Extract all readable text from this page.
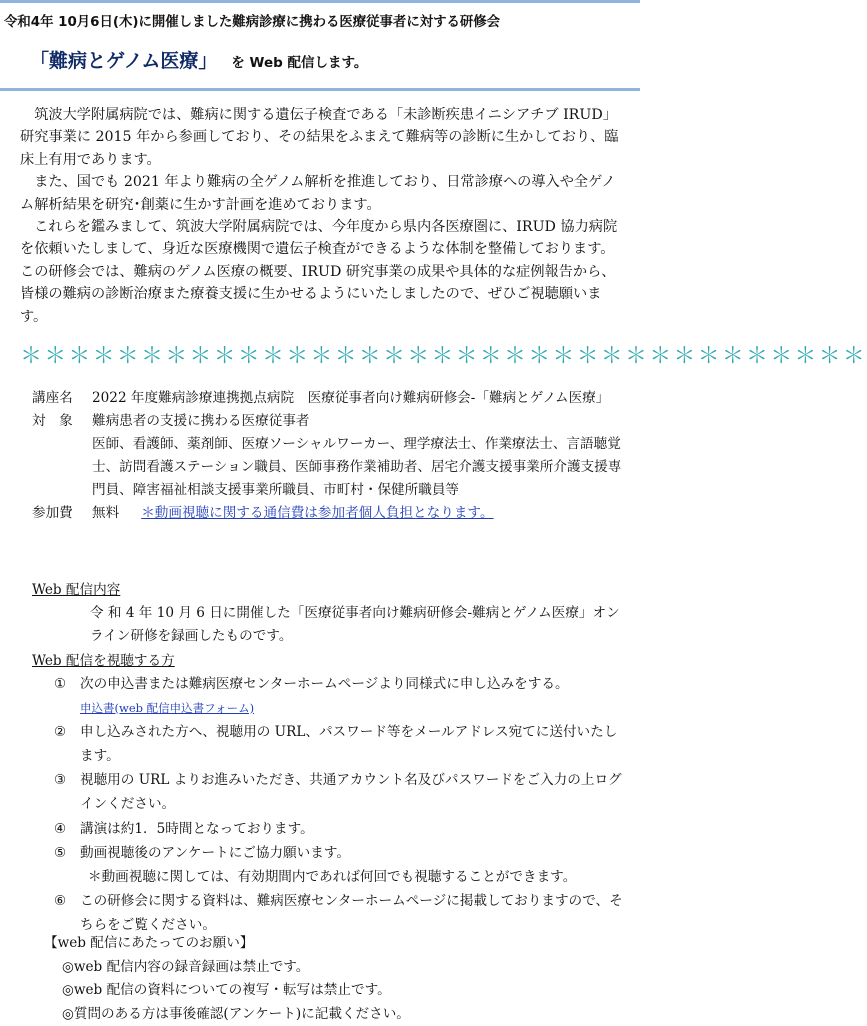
令和4年 10月6日(木)に開催しました難病診療に携わる医療従事者に対する研修会
「難病とゲノム医療」 を Web 配信します。

筑波大学附属病院では、難病に関する遺伝子検査である「未診断疾患イニシアチブ IRUD」研究事業に 2015 年から参画しており、その結果をふまえて難病等の診断に生かしており、臨床上有用であります。

また、国でも 2021 年より難病の全ゲノム解析を推進しており、日常診療への導入や全ゲノム解析結果を研究･創薬に生かす計画を進めております。

これらを鑑みまして、筑波大学附属病院では、今年度から県内各医療圏に、IRUD 協力病院を依頼いたしまして、身近な医療機関で遺伝子検査ができるような体制を整備しております。この研修会では、難病のゲノム医療の概要、IRUD 研究事業の成果や具体的な症例報告から、皆様の難病の診断治療また療養支援に生かせるようにいたしましたので、ぜひご視聴願います。

＊＊＊＊＊＊＊＊＊＊＊＊＊＊＊＊＊＊＊＊＊＊＊＊＊＊＊＊＊＊＊＊＊＊＊
講座名	2022 年度難病診療連携拠点病院　医療従事者向け難病研修会-「難病とゲノム医療」
対　象	難病患者の支援に携わる医療従事者
医師、看護師、薬剤師、医療ソーシャルワーカー、理学療法士、作業療法士、言語聴覚士、訪問看護ステーション職員、医師事務作業補助者、居宅介護支援事業所介護支援専門員、障害福祉相談支援事業所職員、市町村・保健所職員等
参加費	無料 ＊動画視聴に関する通信費は参加者個人負担となります。
Web 配信内容
令 和 4 年 10 月 6 日に開催した「医療従事者向け難病研修会-難病とゲノム医療」オンライン研修を録画したものです。
Web 配信を視聴する方
①	次の申込書または難病医療センターホームページより同様式に申し込みをする。
申込書(web 配信申込書フォーム)
②	申し込みされた方へ、視聴用の URL、パスワード等をメールアドレス宛てに送付いたします。
③	視聴用の URL よりお進みいただき、共通アカウント名及びパスワードをご入力の上ログインください。
④	講演は約1．5時間となっております。
⑤	動画視聴後のアンケートにご協力願います。
＊動画視聴に関しては、有効期間内であれば何回でも視聴することができます。
⑥	この研修会に関する資料は、難病医療センターホームページに掲載しておりますので、そちらをご覧ください。
【web 配信にあたってのお願い】
◎web 配信内容の録音録画は禁止です。
◎web 配信の資料についての複写・転写は禁止です。
◎質問のある方は事後確認(アンケート)に記載ください。
